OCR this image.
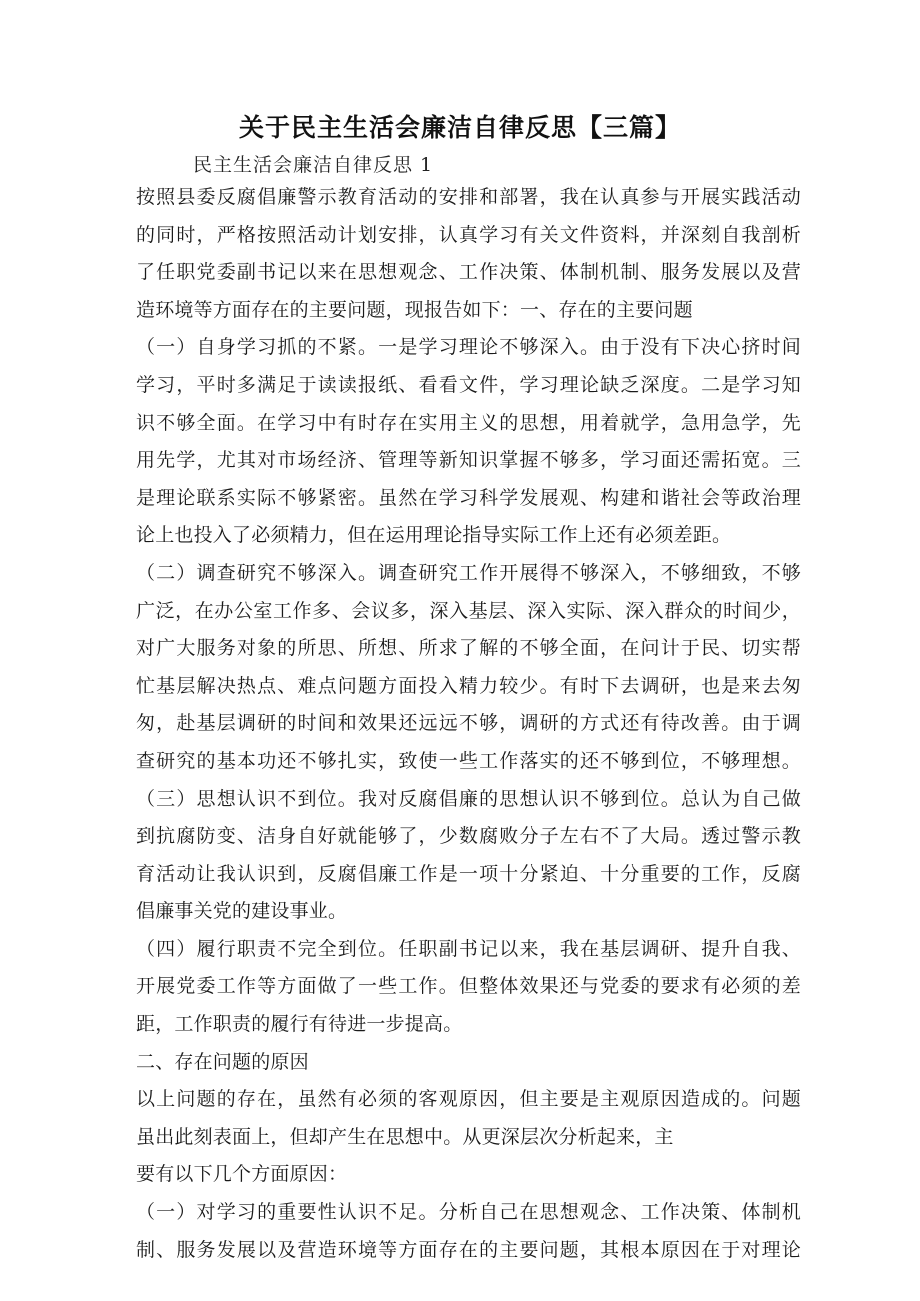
关于民主生活会廉洁自律反思【三篇】

民主生活会廉洁自律反思 1

按照县委反腐倡廉警示教育活动的安排和部署，我在认真参与开展实践活动
的同时，严格按照活动计划安排，认真学习有关文件资料，并深刻自我剖析
了任职党委副书记以来在思想观念、工作决策、体制机制、服务发展以及营
造环境等方面存在的主要问题，现报告如下：一、存在的主要问题
（一）自身学习抓的不紧。一是学习理论不够深入。由于没有下决心挤时间
学习，平时多满足于读读报纸、看看文件，学习理论缺乏深度。二是学习知
识不够全面。在学习中有时存在实用主义的思想，用着就学，急用急学，先
用先学，尤其对市场经济、管理等新知识掌握不够多，学习面还需拓宽。三
是理论联系实际不够紧密。虽然在学习科学发展观、构建和谐社会等政治理
论上也投入了必须精力，但在运用理论指导实际工作上还有必须差距。
（二）调查研究不够深入。调查研究工作开展得不够深入，不够细致，不够
广泛，在办公室工作多、会议多，深入基层、深入实际、深入群众的时间少，
对广大服务对象的所思、所想、所求了解的不够全面，在问计于民、切实帮
忙基层解决热点、难点问题方面投入精力较少。有时下去调研，也是来去匆
匆，赴基层调研的时间和效果还远远不够，调研的方式还有待改善。由于调
查研究的基本功还不够扎实，致使一些工作落实的还不够到位，不够理想。
（三）思想认识不到位。我对反腐倡廉的思想认识不够到位。总认为自己做
到抗腐防变、洁身自好就能够了，少数腐败分子左右不了大局。透过警示教
育活动让我认识到，反腐倡廉工作是一项十分紧迫、十分重要的工作，反腐
倡廉事关党的建设事业。
（四）履行职责不完全到位。任职副书记以来，我在基层调研、提升自我、
开展党委工作等方面做了一些工作。但整体效果还与党委的要求有必须的差
距，工作职责的履行有待进一步提高。
二、存在问题的原因
以上问题的存在，虽然有必须的客观原因，但主要是主观原因造成的。问题
虽出此刻表面上，但却产生在思想中。从更深层次分析起来，主
要有以下几个方面原因：
（一）对学习的重要性认识不足。分析自己在思想观念、工作决策、体制机
制、服务发展以及营造环境等方面存在的主要问题，其根本原因在于对理论
